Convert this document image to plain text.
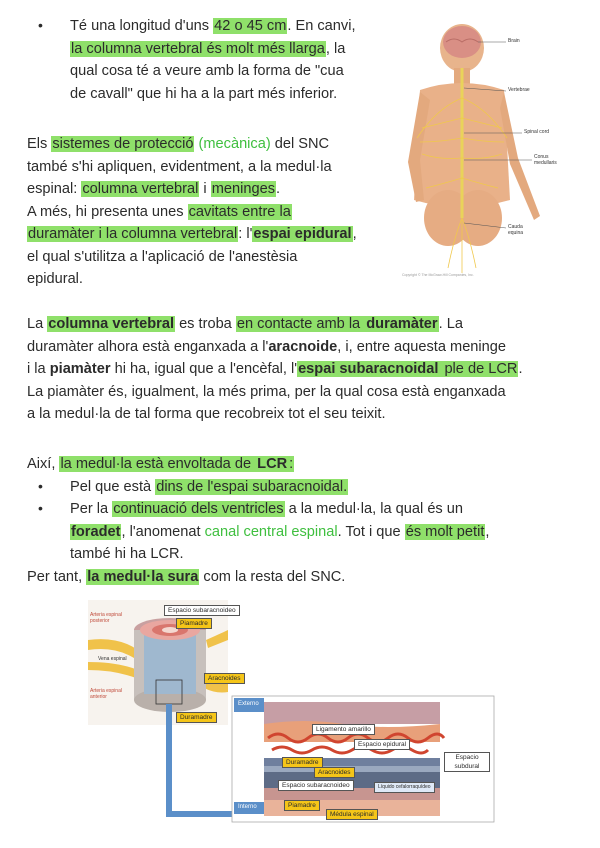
• Té una longitud d'uns 42 o 45 cm. En canvi,
la columna vertebral és molt més llarga, la
qual cosa té a veure amb la forma de "cua
de cavall" que hi ha a la part més inferior.
Els sistemes de protecció (mecànica) del SNC
també s'hi apliquen, evidentment, a la medul·la
espinal: columna vertebral i meninges.
A més, hi presenta unes cavitats entre la
duramàter i la columna vertebral: l'espai epidural,
el qual s'utilitza a l'aplicació de l'anestèsia
epidural.	Copyright © The McGraw-Hill Companies, Inc.
Brain
Vertebrae
Spinal cord
Conus medullaris
Cauda equina
La columna vertebral es troba en contacte amb la duramàter. La
duramàter alhora està enganxada a l'aracnoide, i, entre aquesta meninge
i la piamàter hi ha, igual que a l'encèfal, l'espai subaracnoidal ple de LCR.
La piamàter és, igualment, la més prima, per la qual cosa està enganxada
a la medul·la de tal forma que recobreix tot el seu teixit.
Així, la medul·la està envoltada de LCR :
• Pel que està dins de l'espai subaracnoidal.
• Per la continuació dels ventricles a la medul·la, la qual és un
foradet, l'anomenat canal central espinal. Tot i que és molt petit,
també hi ha LCR.
Per tant, la medul·la sura com la resta del SNC.
Espacio subaracnoideo
Piamadre
Aracnoides
Duramadre
Arteria espinal posterior
Vena espinal
Arteria espinal anterior
Externo
Interno
Ligamento amarillo
Espacio epidural
Duramadre
Aracnoides
Espacio subaracnoideo	Líquido cefalorraquídeo
Espacio subdural
Piamadre
Médula espinal
